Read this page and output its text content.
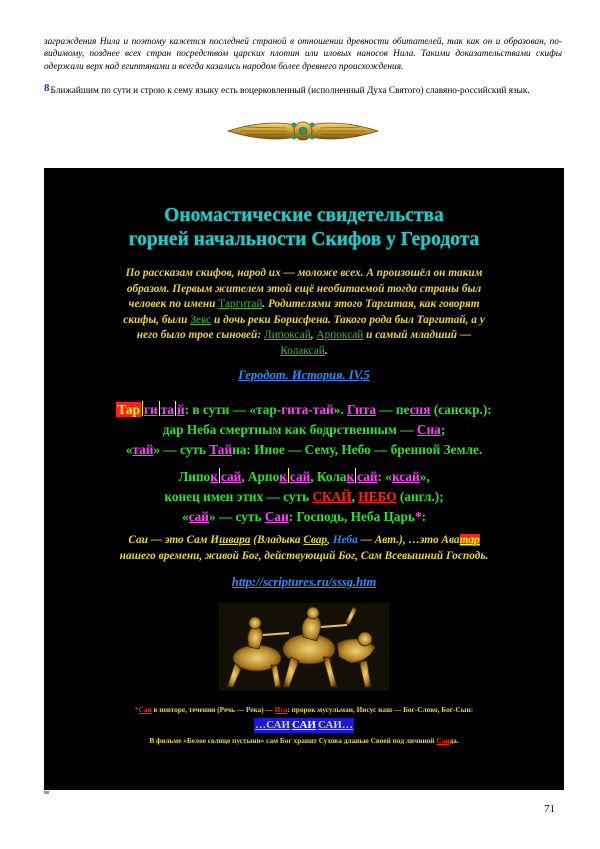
заграждения Нила и поэтому кажется последней страной в отношении древности обитателей, так как он и образован, по-видимому, позднее всех стран посредством царских плотин или иловых наносов Нила. Такими доказательствами скифы одержали верх над египтянами и всегда казались народом более древнего происхождения.
$^8$Ближайшим по сути и строю к сему языку есть воцерковленный (исполненный Духа Святого) славяно-российский язык.
Ономастические свидетельства
горней начальности Скифов у Геродота
По рассказам скифов, народ их — моложе всех. А произошёл он таким образом. Первым жителем этой ещё необитаемой тогда страны был человек по имени Таргитай. Родителями этого Таргитая, как говорят скифы, были Зевс и дочь реки Борисфена. Такого рода был Таргитай, а у него было трое сыновей: Липоксай, Арпоксай и самый младший — Колаксай.
Геродот. История. IV,5
Тар ги та й: в сути — «тар-гита-тай». Гита — песня (санскр.):
дар Неба смертным как бодрственным — Сна;
«тай» — суть Тайна: Иное — Сему, Небо — бренной Земле.
Липок сай, Арпок сай, Колак сай: «ксай»,
конец имен этих — суть СКАЙ, НЕБО (англ.);
«сай» — суть Саи: Господь, Неба Царь*:
Саи — это Сам Ишвара (Владыка Свар, Неба — Авт.), …это Аватар
нашего времени, живой Бог, действующий Бог, Сам Всевышний Господь.
http://scriptures.ru/sssg.htm
*Саи в повторе, течении (Речь — Река) — Иса: пророк мусульман, Иисус наш — Бог-Слово, Бог-Сын:
…САИ САИ САИ…
В фильме «Белое солнце пустыни» сам Бог хранит Сухова дланью Своей под личиной Саида.
71
